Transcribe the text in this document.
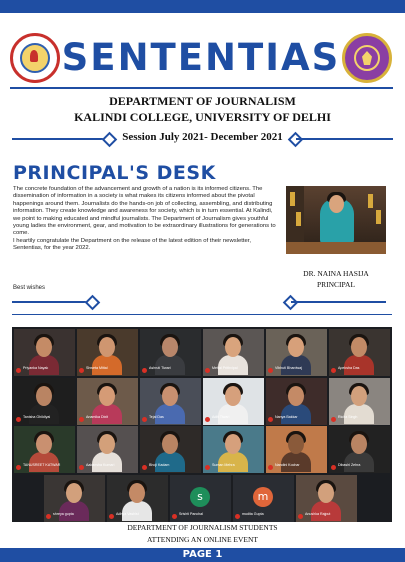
SENTENTIAS
DEPARTMENT OF JOURNALISM
KALINDI COLLEGE, UNIVERSITY OF DELHI
Session July 2021- December 2021
PRINCIPAL'S DESK

The concrete foundation of the advancement and growth of a nation is its informed citizens. The dissemination of information in a society is what makes its citizens informed about the pivotal happenings around them. Journalists do the hands-on job of collecting, assembling, and distributing information. They create knowledge and awareness for society, which is in turn essential. At Kalindi, we point to making educated and mindful journalists. The Department of Journalism gives youthful young ladies the environment, gear, and motivation to be extraordinary illustrations for generations to come.

I heartily congratulate the Department on the release of the latest edition of their newsletter, Sententias, for the year 2022.

Best wishes
DR. NAINA HASIJA
PRINCIPAL
Priyanka Nayak	Shweta Mittal	Ashruti Tiwari	Mehal Prithvipal	Vibhuti Bhardwaj	Apeksha Das
Tanisha Ghildiyal	Anamika Dixit	Tejal Das	Aditi Tiwari	Nanya Bakkar	Richa Singh
TANUSREET KATWAR	Aakansha Kumari	Bhoji Kadam	Suman Mehra	Nandini Kochar	Dibashi Zehra
shreya gupta	Adhya Vashist
s
Srishti Panchal
m
mudita Gupta	Anushka Rajput
DEPARTMENT OF JOURNALISM STUDENTS
ATTENDING AN ONLINE EVENT
PAGE 1
